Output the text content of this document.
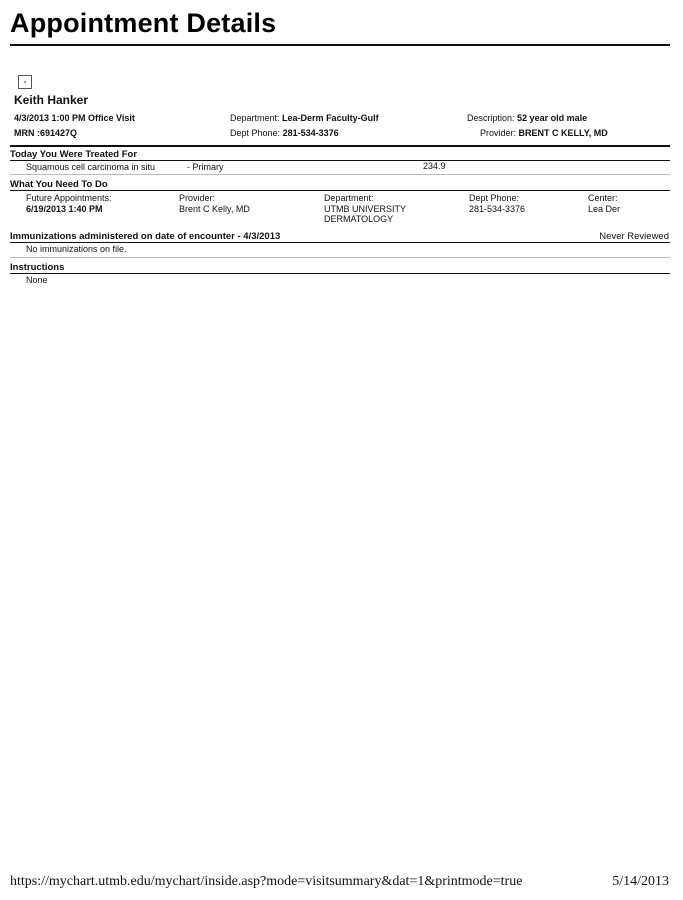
Appointment Details
Keith Hanker
4/3/2013 1:00 PM Office Visit
MRN :691427Q
Department: Lea-Derm Faculty-Gulf
Dept Phone: 281-534-3376
Description: 52 year old male
Provider: BRENT C KELLY, MD
Today You Were Treated For
Squamous cell carcinoma in situ	- Primary	234.9
What You Need To Do
Future Appointments:
6/19/2013 1:40 PM
Provider:
Brent C Kelly, MD
Department:
UTMB UNIVERSITY
DERMATOLOGY
Dept Phone:
281-534-3376
Center:
Lea Der
Immunizations administered on date of encounter - 4/3/2013	Never Reviewed
No immunizations on file.
Instructions
None
https://mychart.utmb.edu/mychart/inside.asp?mode=visitsummary&dat=1&printmode=true	5/14/2013
